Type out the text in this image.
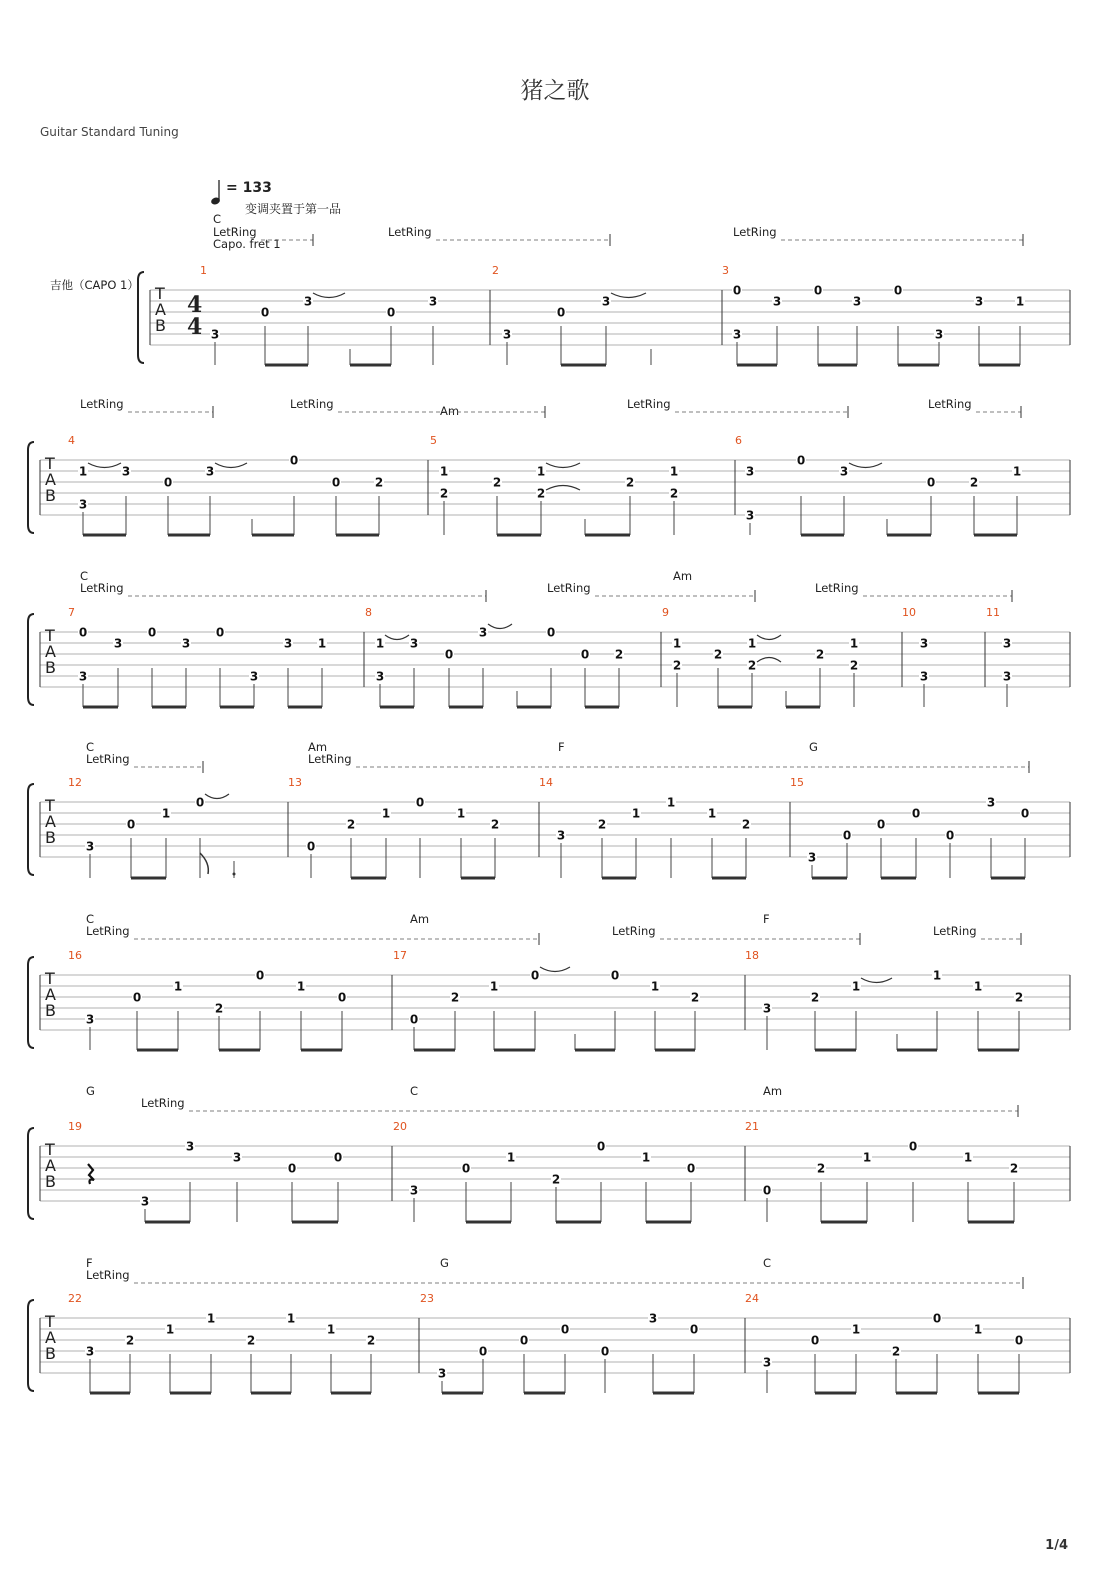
猪之歌
Guitar Standard Tuning
= 133
变调夹置于第一品
吉他（CAPO 1）
1/4
T
A
B
4
4
1	2	3
C
LetRing
Capo. fret 1
LetRing	LetRing
3
0
3
0
3
3
0
3
0
3
3
0
3
0
3
3	1
T
A
B
4	5	6
Am
LetRing	LetRing	LetRing	LetRing
1
3
3
0
3
0
0	2
1
2
2
1
2
2
1
2
3
3
0
3
0	2
1
T
A
B
7	8	9	10	11
C	Am
LetRing	LetRing	LetRing
0
3
3
0
3
0
3
3 1	1
3
3
0
3	0
0 2
1
2
2
1
2
2
1
2
3
3
3
3
T
A
B
12	13	14	15
C	Am	F	G
LetRing	LetRing
3
0
1
0
0
2
1
0
1
2
3
2
1
1
1
2
3
0
0
0
0
3
0
T
A
B
16	17	18
C	Am	F
LetRing	LetRing	LetRing
3
0
1
2
0
1
0
0
2
1
0	0
1
2
3
2
1
1
1
2
T
A
B
19	20	21
G	C	Am
LetRing
3
3
3
0
0
3
0
1
2
0
1
0
0
2
1
0
1
2
T
A
B
22	23	24
F	G	C
LetRing
3
2
1
1
2
1
1
2
3
0
0
0
0
3
0
3
0
1
2
0
1
0
